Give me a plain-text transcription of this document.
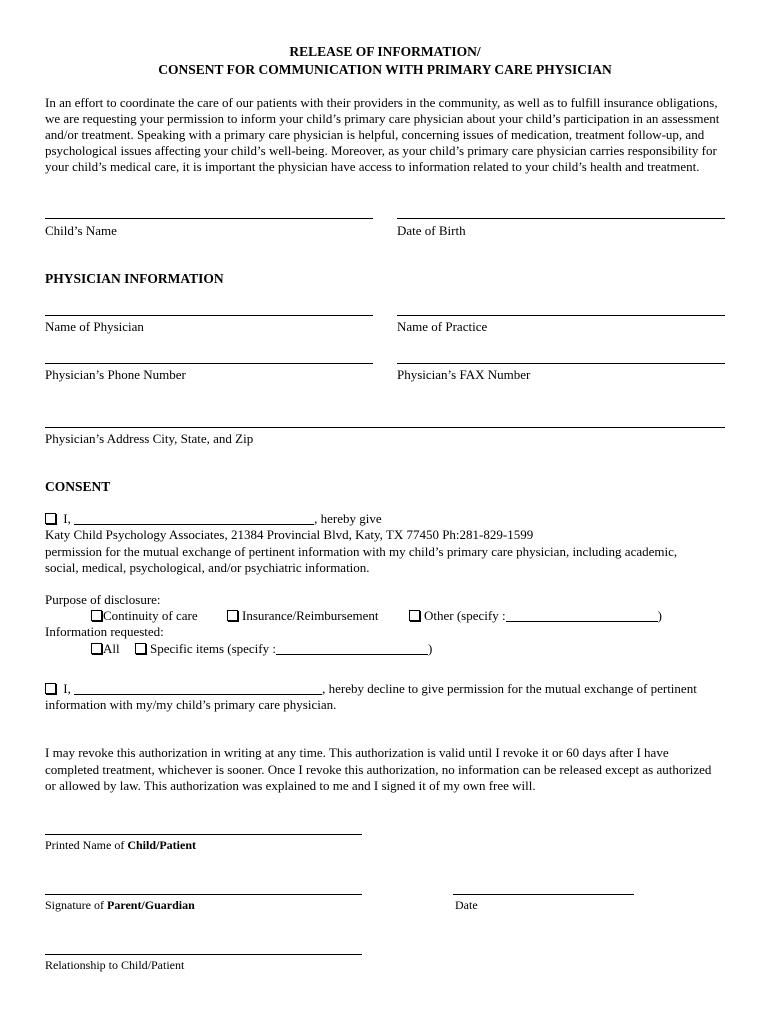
RELEASE OF INFORMATION/
CONSENT FOR COMMUNICATION WITH PRIMARY CARE PHYSICIAN
In an effort to coordinate the care of our patients with their providers in the community, as well as to fulfill insurance obligations,
we are requesting your permission to inform your child’s primary care physician about your child’s participation in an assessment
and/or treatment. Speaking with a primary care physician is helpful, concerning issues of medication, treatment follow-up, and
psychological issues affecting your child’s well-being. Moreover, as your child’s primary care physician carries responsibility for
your child’s medical care, it is important the physician have access to information related to your child’s health and treatment.
Child’s Name	Date of Birth
PHYSICIAN INFORMATION
Name of Physician	Name of Practice
Physician’s Phone Number	Physician’s FAX Number
Physician’s Address City, State, and Zip
CONSENT
I,	, hereby give
Katy Child Psychology Associates, 21384 Provincial Blvd, Katy, TX 77450 Ph:281-829-1599
permission for the mutual exchange of pertinent information with my child’s primary care physician, including academic,
social, medical, psychological, and/or psychiatric information.
Purpose of disclosure:
Continuity of care	Insurance/Reimbursement	Other (specify :	)
Information requested:
All	Specific items (specify :	)
I,	, hereby decline to give permission for the mutual exchange of pertinent
information with my/my child’s primary care physician.
I may revoke this authorization in writing at any time. This authorization is valid until I revoke it or 60 days after I have
completed treatment, whichever is sooner. Once I revoke this authorization, no information can be released except as authorized
or allowed by law. This authorization was explained to me and I signed it of my own free will.
Printed Name of Child/Patient
Signature of Parent/Guardian	Date
Relationship to Child/Patient
